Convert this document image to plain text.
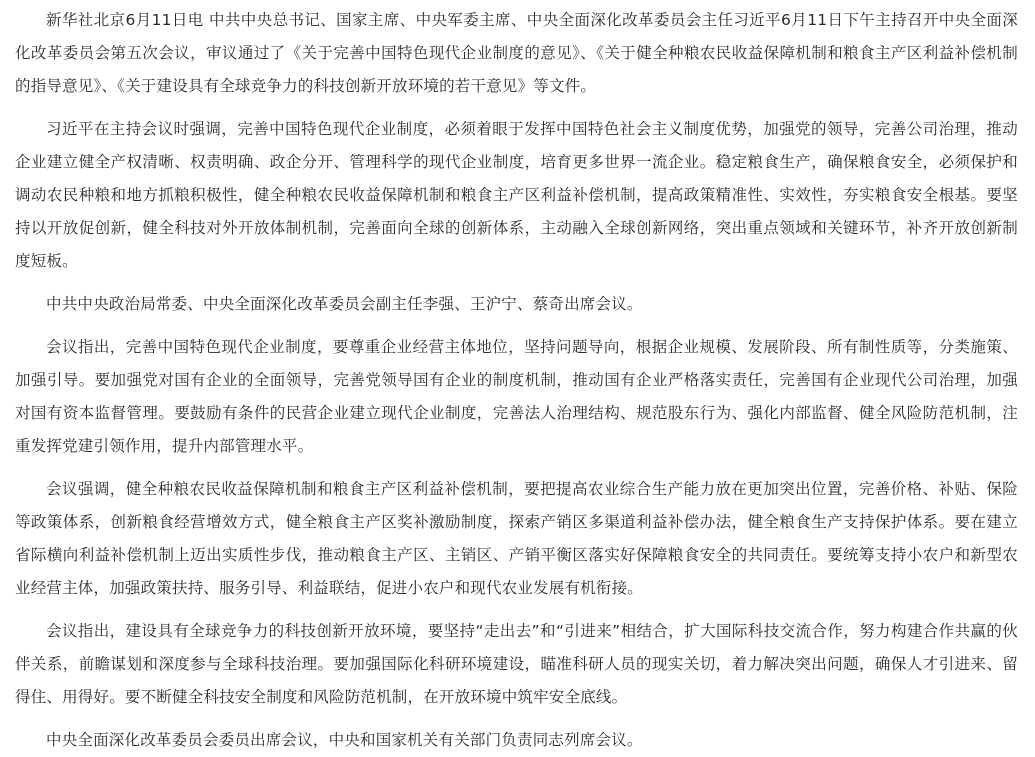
新华社北京6月11日电 中共中央总书记、国家主席、中央军委主席、中央全面深化改革委员会主任习近平6月11日下午主持召开中央全面深化改革委员会第五次会议，审议通过了《关于完善中国特色现代企业制度的意见》、《关于健全种粮农民收益保障机制和粮食主产区利益补偿机制的指导意见》、《关于建设具有全球竞争力的科技创新开放环境的若干意见》等文件。

习近平在主持会议时强调，完善中国特色现代企业制度，必须着眼于发挥中国特色社会主义制度优势，加强党的领导，完善公司治理，推动企业建立健全产权清晰、权责明确、政企分开、管理科学的现代企业制度，培育更多世界一流企业。稳定粮食生产，确保粮食安全，必须保护和调动农民种粮和地方抓粮积极性，健全种粮农民收益保障机制和粮食主产区利益补偿机制，提高政策精准性、实效性，夯实粮食安全根基。要坚持以开放促创新，健全科技对外开放体制机制，完善面向全球的创新体系，主动融入全球创新网络，突出重点领域和关键环节，补齐开放创新制度短板。

中共中央政治局常委、中央全面深化改革委员会副主任李强、王沪宁、蔡奇出席会议。

会议指出，完善中国特色现代企业制度，要尊重企业经营主体地位，坚持问题导向，根据企业规模、发展阶段、所有制性质等，分类施策、加强引导。要加强党对国有企业的全面领导，完善党领导国有企业的制度机制，推动国有企业严格落实责任，完善国有企业现代公司治理，加强对国有资本监督管理。要鼓励有条件的民营企业建立现代企业制度，完善法人治理结构、规范股东行为、强化内部监督、健全风险防范机制，注重发挥党建引领作用，提升内部管理水平。

会议强调，健全种粮农民收益保障机制和粮食主产区利益补偿机制，要把提高农业综合生产能力放在更加突出位置，完善价格、补贴、保险等政策体系，创新粮食经营增效方式，健全粮食主产区奖补激励制度，探索产销区多渠道利益补偿办法，健全粮食生产支持保护体系。要在建立省际横向利益补偿机制上迈出实质性步伐，推动粮食主产区、主销区、产销平衡区落实好保障粮食安全的共同责任。要统筹支持小农户和新型农业经营主体，加强政策扶持、服务引导、利益联结，促进小农户和现代农业发展有机衔接。

会议指出，建设具有全球竞争力的科技创新开放环境，要坚持“走出去”和“引进来”相结合，扩大国际科技交流合作，努力构建合作共赢的伙伴关系，前瞻谋划和深度参与全球科技治理。要加强国际化科研环境建设，瞄准科研人员的现实关切，着力解决突出问题，确保人才引进来、留得住、用得好。要不断健全科技安全制度和风险防范机制，在开放环境中筑牢安全底线。

中央全面深化改革委员会委员出席会议，中央和国家机关有关部门负责同志列席会议。
